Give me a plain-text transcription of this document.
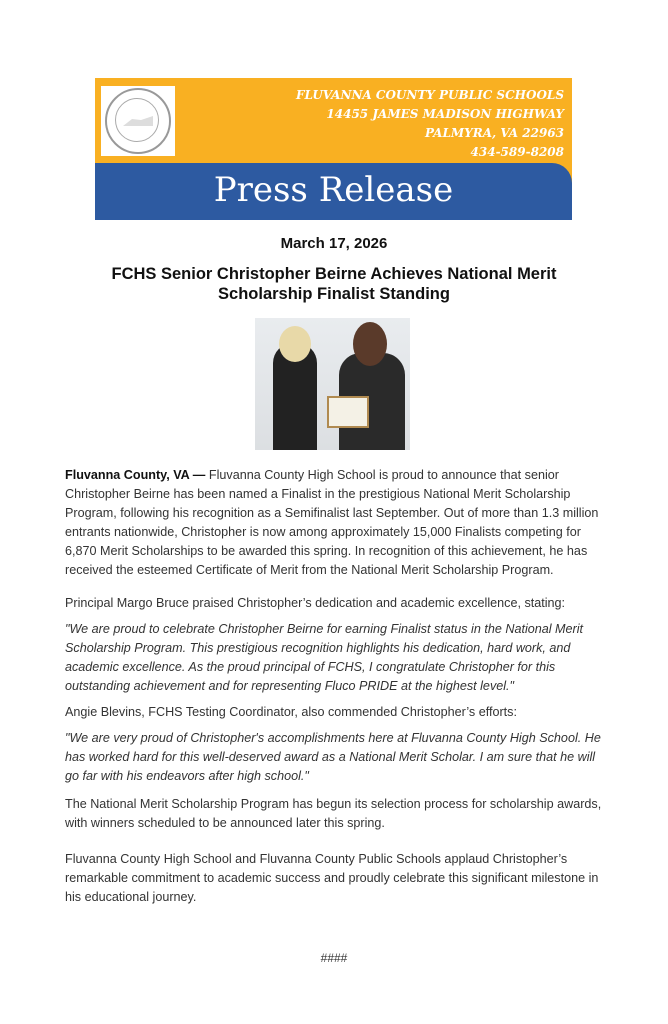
FLUVANNA COUNTY PUBLIC SCHOOLS
14455 JAMES MADISON HIGHWAY
PALMYRA, VA 22963
434-589-8208
Press Release
March 17, 2026
FCHS Senior Christopher Beirne Achieves National Merit Scholarship Finalist Standing

Fluvanna County, VA — Fluvanna County High School is proud to announce that senior Christopher Beirne has been named a Finalist in the prestigious National Merit Scholarship Program, following his recognition as a Semifinalist last September. Out of more than 1.3 million entrants nationwide, Christopher is now among approximately 15,000 Finalists competing for 6,870 Merit Scholarships to be awarded this spring. In recognition of this achievement, he has received the esteemed Certificate of Merit from the National Merit Scholarship Program.

Principal Margo Bruce praised Christopher’s dedication and academic excellence, stating:

"We are proud to celebrate Christopher Beirne for earning Finalist status in the National Merit Scholarship Program. This prestigious recognition highlights his dedication, hard work, and academic excellence. As the proud principal of FCHS, I congratulate Christopher for this outstanding achievement and for representing Fluco PRIDE at the highest level."

Angie Blevins, FCHS Testing Coordinator, also commended Christopher’s efforts:

"We are very proud of Christopher's accomplishments here at Fluvanna County High School. He has worked hard for this well-deserved award as a National Merit Scholar. I am sure that he will go far with his endeavors after high school."

The National Merit Scholarship Program has begun its selection process for scholarship awards, with winners scheduled to be announced later this spring.

Fluvanna County High School and Fluvanna County Public Schools applaud Christopher’s remarkable commitment to academic success and proudly celebrate this significant milestone in his educational journey.

####
